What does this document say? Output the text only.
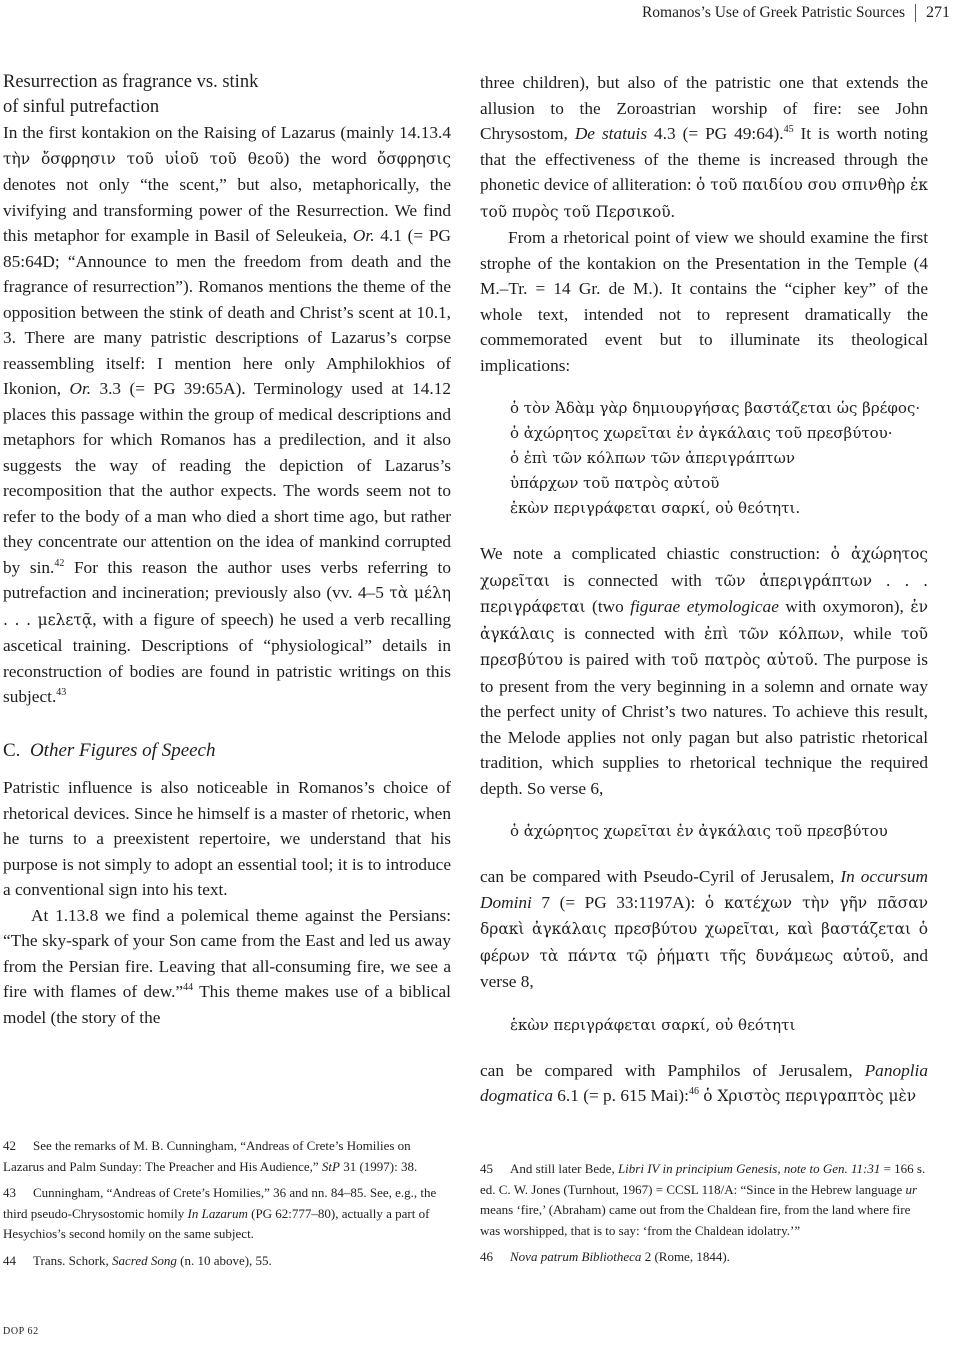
Romanos’s Use of Greek Patristic Sources 271
Resurrection as fragrance vs. stink
of sinful putrefaction

In the first kontakion on the Raising of Lazarus (mainly 14.13.4 τὴν ὄσφρησιν τοῦ υἱοῦ τοῦ θεοῦ) the word ὄσφρησις denotes not only “the scent,” but also, metaphorically, the vivifying and transforming power of the Resurrection. We find this metaphor for example in Basil of Seleukeia, Or. 4.1 (= PG 85:64D; “Announce to men the freedom from death and the fragrance of resurrection”). Romanos mentions the theme of the opposition between the stink of death and Christ’s scent at 10.1, 3. There are many patristic descriptions of Lazarus’s corpse reassembling itself: I mention here only Amphilokhios of Ikonion, Or. 3.3 (= PG 39:65A). Terminology used at 14.12 places this passage within the group of medical descriptions and metaphors for which Romanos has a predilection, and it also suggests the way of reading the depiction of Lazarus’s recomposition that the author expects. The words seem not to refer to the body of a man who died a short time ago, but rather they concentrate our attention on the idea of mankind corrupted by sin.$^{42}$ For this reason the author uses verbs referring to putrefaction and incineration; previously also (vv. 4–5 τὰ μέλη . . . μελετᾷ, with a figure of speech) he used a verb recalling ascetical training. Descriptions of “physiological” details in reconstruction of bodies are found in patristic writings on this subject.$^{43}$

C. Other Figures of Speech

Patristic influence is also noticeable in Romanos’s choice of rhetorical devices. Since he himself is a master of rhetoric, when he turns to a preexistent repertoire, we understand that his purpose is not simply to adopt an essential tool; it is to introduce a conventional sign into his text.

At 1.13.8 we find a polemical theme against the Persians: “The sky-spark of your Son came from the East and led us away from the Persian fire. Leaving that all-consuming fire, we see a fire with flames of dew.”$^{44}$ This theme makes use of a biblical model (the story of the

three children), but also of the patristic one that extends the allusion to the Zoroastrian worship of fire: see John Chrysostom, De statuis 4.3 (= PG 49:64).$^{45}$ It is worth noting that the effectiveness of the theme is increased through the phonetic device of alliteration: ὁ τοῦ παιδίου σου σπινθὴρ ἐκ τοῦ πυρὸς τοῦ Περσικοῦ.

From a rhetorical point of view we should examine the first strophe of the kontakion on the Presentation in the Temple (4 M.–Tr. = 14 Gr. de M.). It contains the “cipher key” of the whole text, intended not to represent dramatically the commemorated event but to illuminate its theological implications:

ὁ τὸν Ἀδὰμ γὰρ δημιουργήσας βαστάζεται ὡς βρέφος·
ὁ ἀχώρητος χωρεῖται ἐν ἀγκάλαις τοῦ πρεσβύτου·
ὁ ἐπὶ τῶν κόλπων τῶν ἀπεριγράπτων
ὑπάρχων τοῦ πατρὸς αὐτοῦ
ἑκὼν περιγράφεται σαρκί, οὐ θεότητι.

We note a complicated chiastic construction: ὁ ἀχώρητος χωρεῖται is connected with τῶν ἀπεριγράπτων . . . περιγράφεται (two figurae etymologicae with oxymoron), ἐν ἀγκάλαις is connected with ἐπὶ τῶν κόλπων, while τοῦ πρεσβύτου is paired with τοῦ πατρὸς αὐτοῦ. The purpose is to present from the very beginning in a solemn and ornate way the perfect unity of Christ’s two natures. To achieve this result, the Melode applies not only pagan but also patristic rhetorical tradition, which supplies to rhetorical technique the required depth. So verse 6,

ὁ ἀχώρητος χωρεῖται ἐν ἀγκάλαις τοῦ πρεσβύτου

can be compared with Pseudo-Cyril of Jerusalem, In occursum Domini 7 (= PG 33:1197A): ὁ κατέχων τὴν γῆν πᾶσαν δρακὶ ἀγκάλαις πρεσβύτου χωρεῖται, καὶ βαστάζεται ὁ φέρων τὰ πάντα τῷ ῥήματι τῆς δυνάμεως αὐτοῦ, and verse 8,

ἑκὼν περιγράφεται σαρκί, οὐ θεότητι

can be compared with Pamphilos of Jerusalem, Panoplia dogmatica 6.1 (= p. 615 Mai):$^{46}$ ὁ Χριστὸς περιγραπτὸς μὲν

42 See the remarks of M. B. Cunningham, “Andreas of Crete’s Homilies on Lazarus and Palm Sunday: The Preacher and His Audience,” StP 31 (1997): 38.

43 Cunningham, “Andreas of Crete’s Homilies,” 36 and nn. 84–85. See, e.g., the third pseudo-Chrysostomic homily In Lazarum (PG 62:777–80), actually a part of Hesychios’s second homily on the same subject.

44 Trans. Schork, Sacred Song (n. 10 above), 55.

45 And still later Bede, Libri IV in principium Genesis, note to Gen. 11:31 = 166 s. ed. C. W. Jones (Turnhout, 1967) = CCSL 118/A: “Since in the Hebrew language ur means ‘fire,’ (Abraham) came out from the Chaldean fire, from the land where fire was worshipped, that is to say: ‘from the Chaldean idolatry.’”

46 Nova patrum Bibliotheca 2 (Rome, 1844).

DOP 62
